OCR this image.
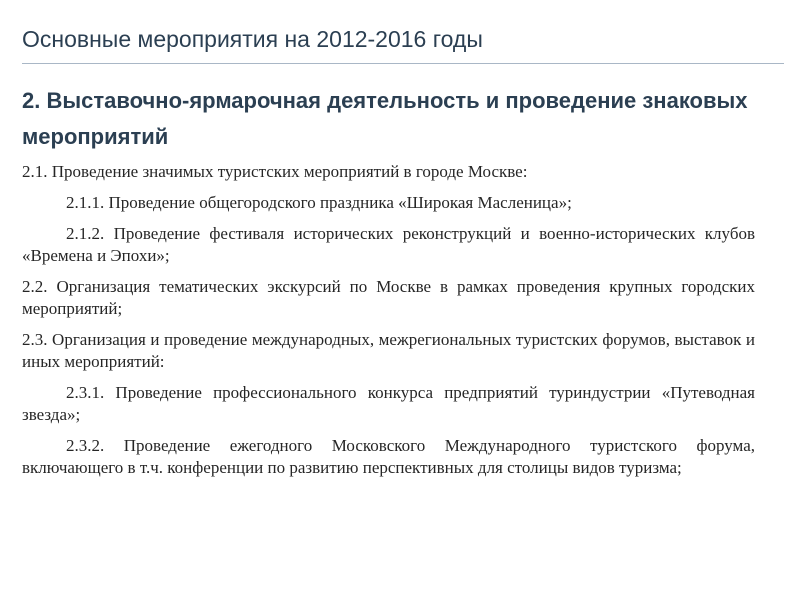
Основные мероприятия на 2012-2016 годы
2. Выставочно-ярмарочная деятельность и проведение знаковых мероприятий

2.1. Проведение значимых туристских мероприятий в городе Москве:

2.1.1. Проведение общегородского праздника «Широкая Масленица»;

2.1.2. Проведение фестиваля исторических реконструкций и военно-исторических клубов «Времена и Эпохи»;

2.2. Организация тематических экскурсий по Москве в рамках проведения крупных городских мероприятий;

2.3. Организация и проведение международных, межрегиональных туристских форумов, выставок и иных мероприятий:

2.3.1. Проведение профессионального конкурса предприятий туриндустрии «Путеводная звезда»;

2.3.2. Проведение ежегодного Московского Международного туристского форума, включающего в т.ч. конференции по развитию перспективных для столицы видов туризма;
